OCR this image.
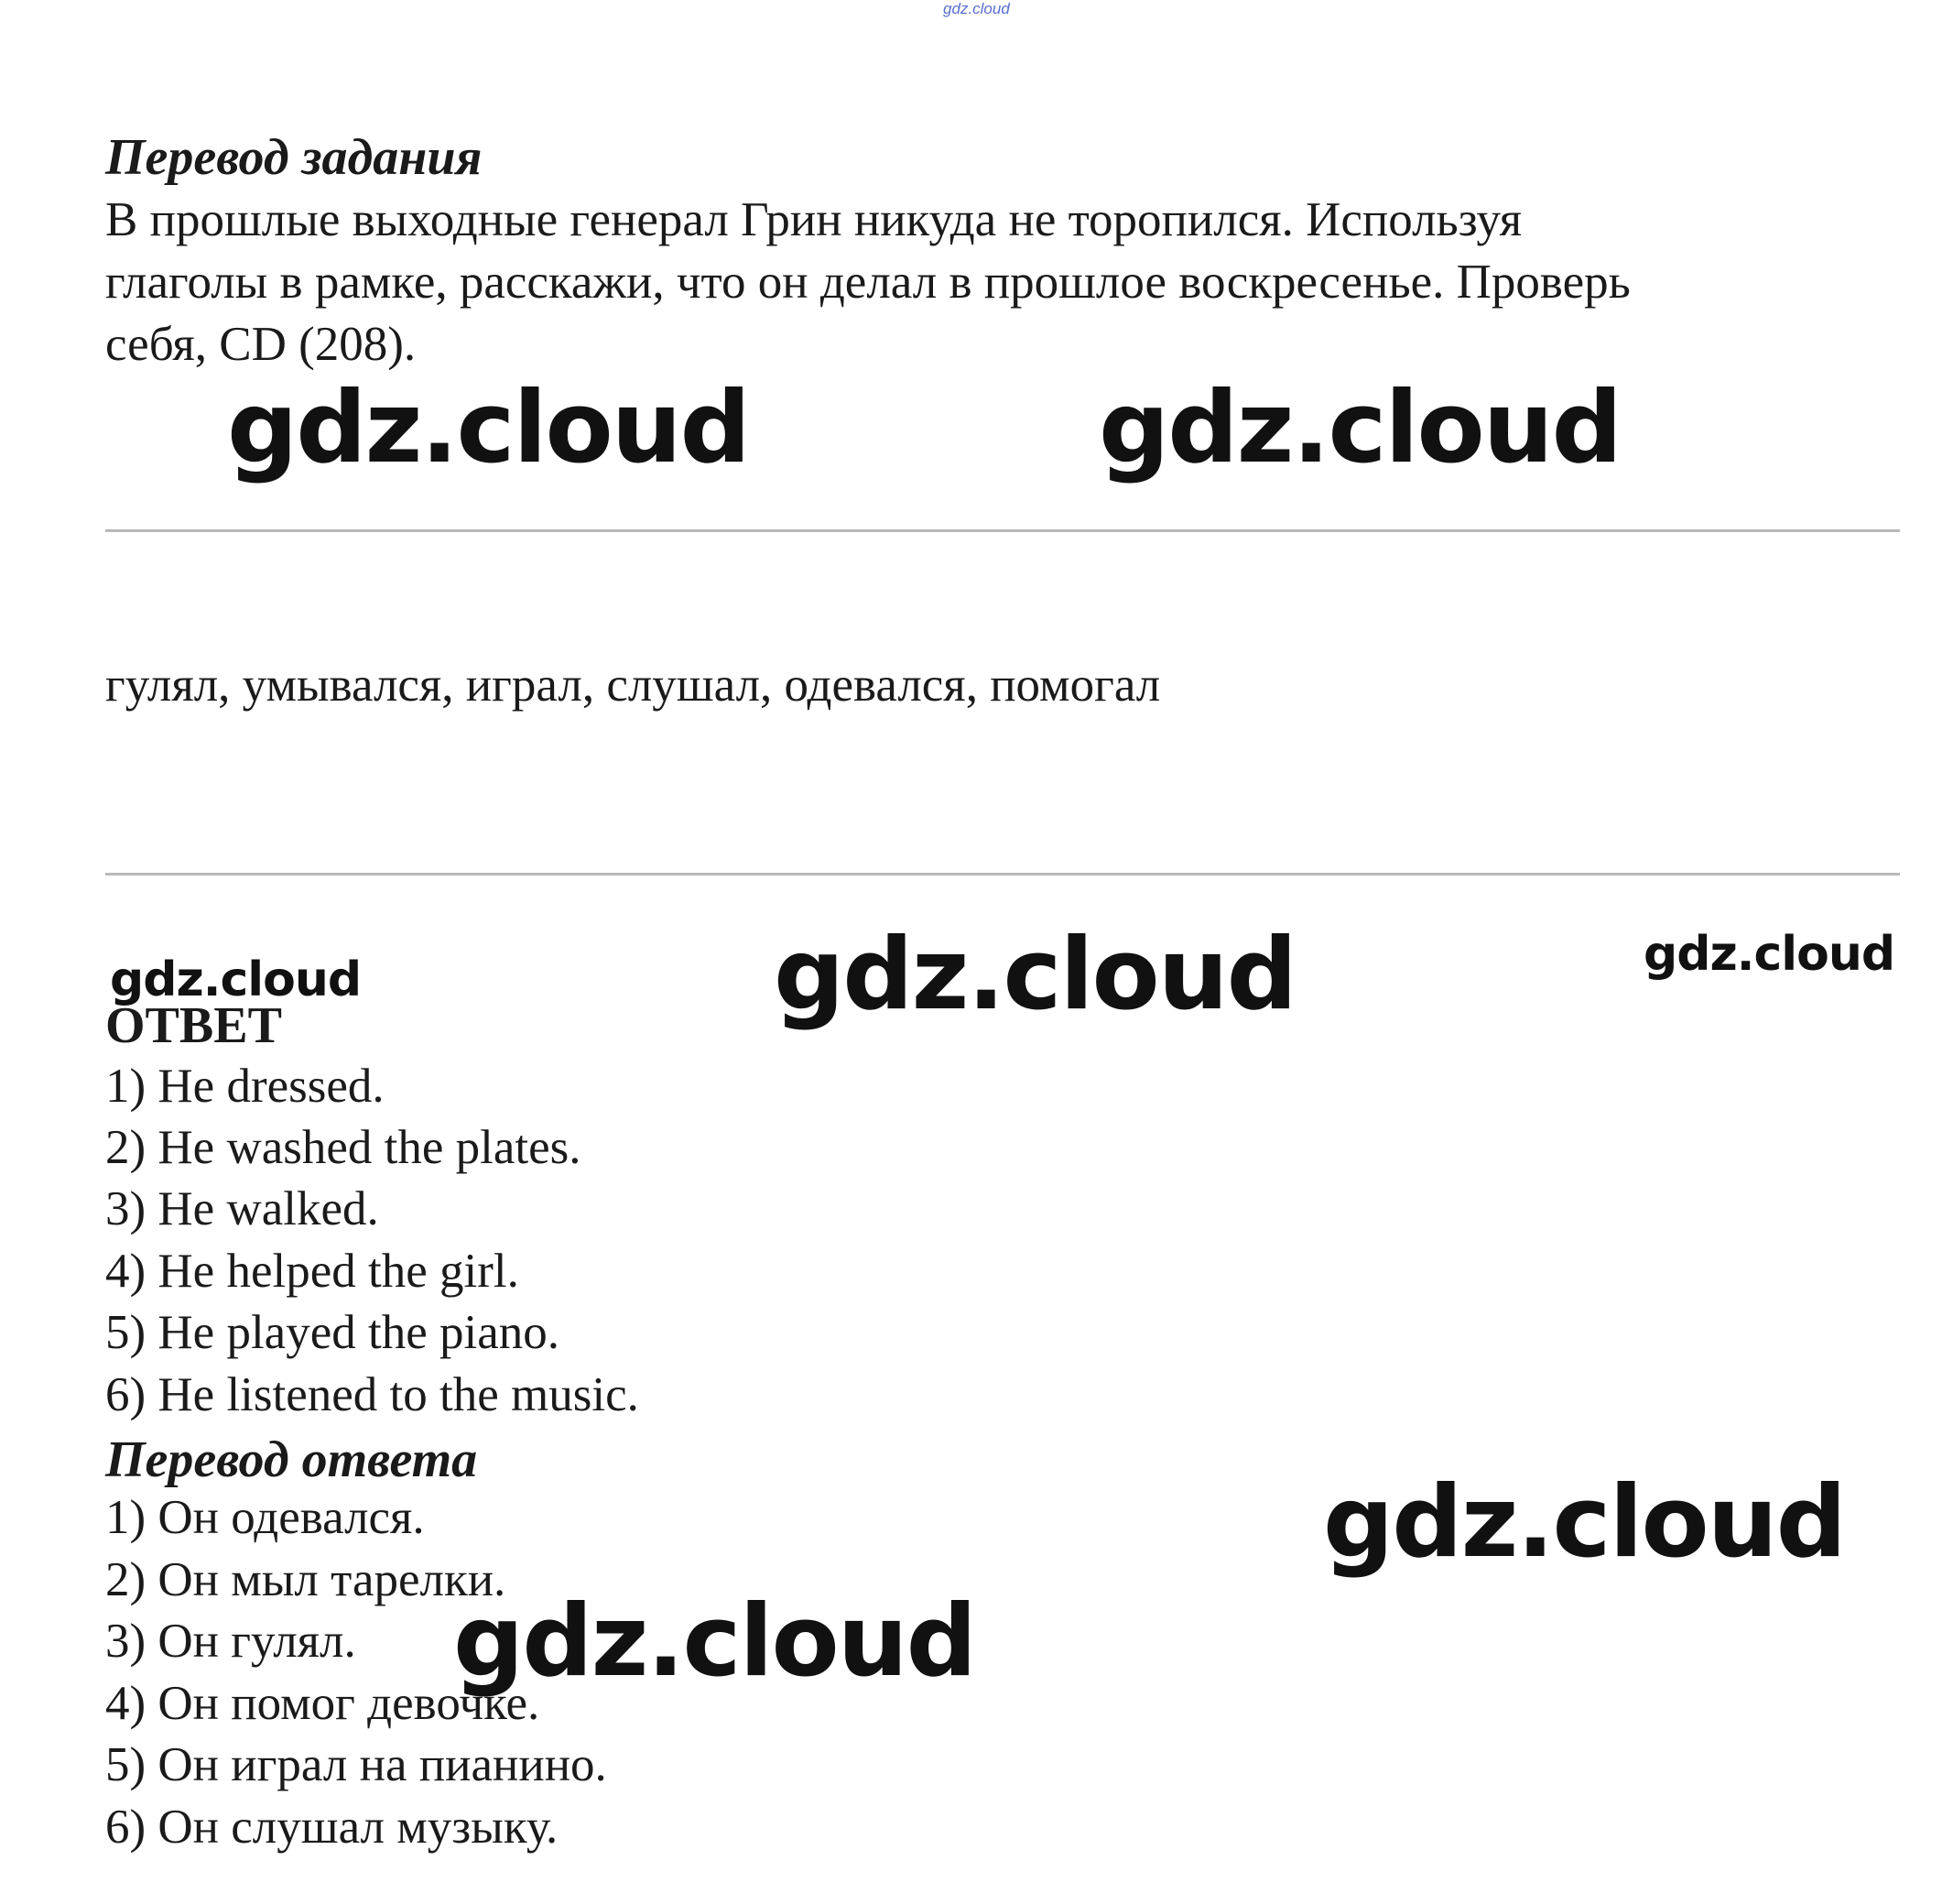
gdz.cloud
Перевод задания
В прошлые выходные генерал Грин никуда не торопился. Используя
глаголы в рамке, расскажи, что он делал в прошлое воскресенье. Проверь
себя, CD (208).
gdz.cloud	gdz.cloud
гулял, умывался, играл, слушал, одевался, помогал
gdz.cloud	gdz.cloud	gdz.cloud
ОТВЕТ
1) He dressed.
2) He washed the plates.
3) He walked.
4) He helped the girl.
5) He played the piano.
6) He listened to the music.
Перевод ответа
1) Он одевался.
2) Он мыл тарелки.
3) Он гулял.
4) Он помог девочке.
5) Он играл на пианино.
6) Он слушал музыку.
gdz.cloud
gdz.cloud
